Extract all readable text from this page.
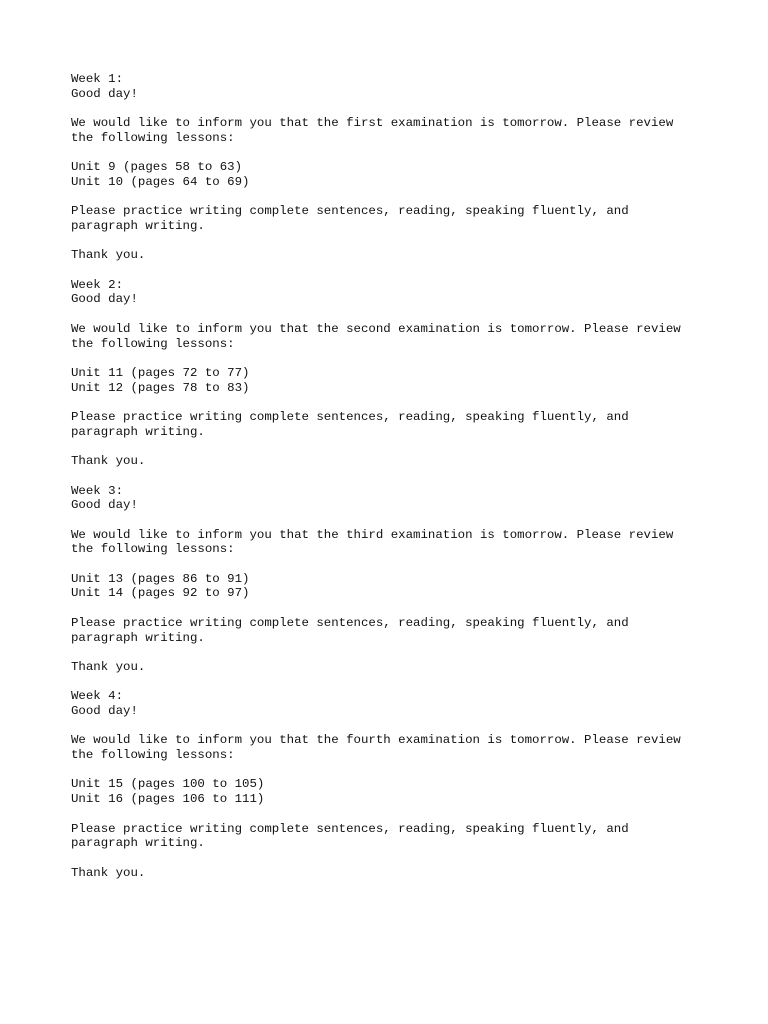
Week 1:
Good day!
We would like to inform you that the first examination is tomorrow. Please review
the following lessons:
Unit 9 (pages 58 to 63)
Unit 10 (pages 64 to 69)
Please practice writing complete sentences, reading, speaking fluently, and
paragraph writing.
Thank you.
Week 2:
Good day!
We would like to inform you that the second examination is tomorrow. Please review
the following lessons:
Unit 11 (pages 72 to 77)
Unit 12 (pages 78 to 83)
Please practice writing complete sentences, reading, speaking fluently, and
paragraph writing.
Thank you.
Week 3:
Good day!
We would like to inform you that the third examination is tomorrow. Please review
the following lessons:
Unit 13 (pages 86 to 91)
Unit 14 (pages 92 to 97)
Please practice writing complete sentences, reading, speaking fluently, and
paragraph writing.
Thank you.
Week 4:
Good day!
We would like to inform you that the fourth examination is tomorrow. Please review
the following lessons:
Unit 15 (pages 100 to 105)
Unit 16 (pages 106 to 111)
Please practice writing complete sentences, reading, speaking fluently, and
paragraph writing.
Thank you.
